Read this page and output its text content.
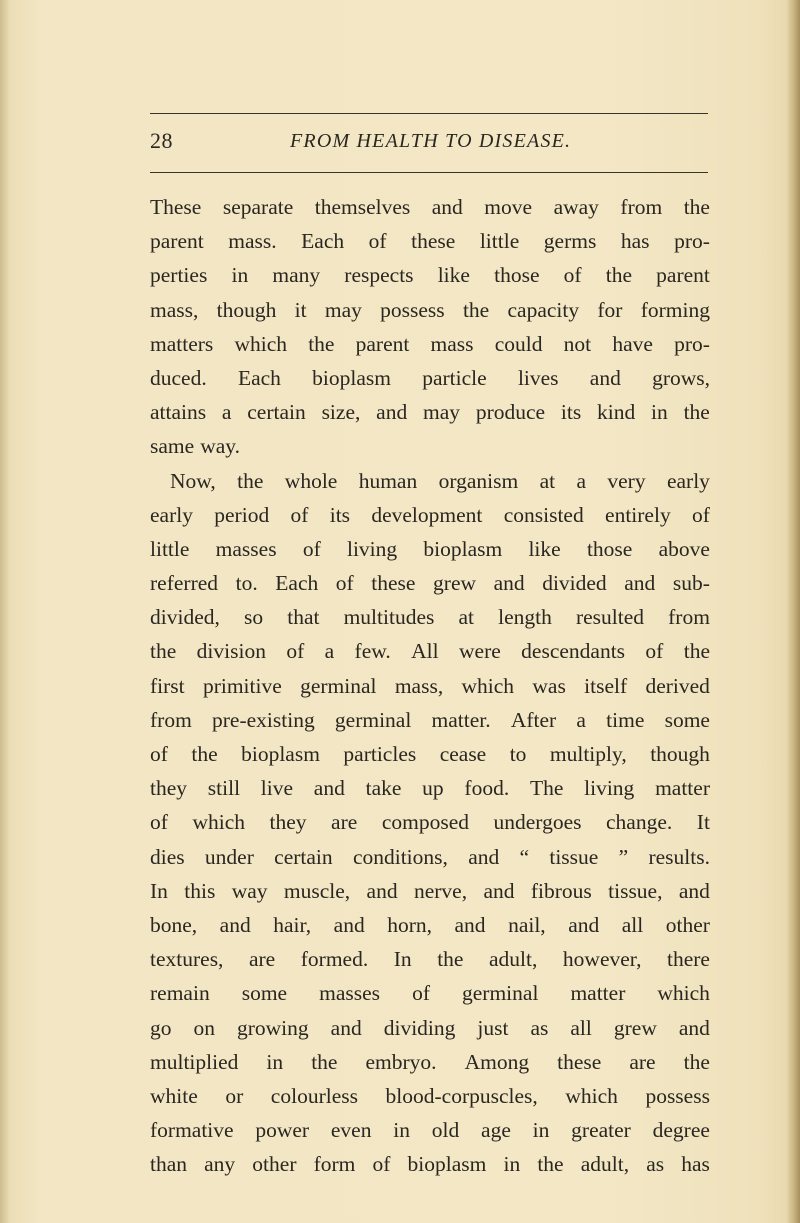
28	FROM HEALTH TO DISEASE.
These separate themselves and move away from the
parent mass. Each of these little germs has pro-
perties in many respects like those of the parent
mass, though it may possess the capacity for forming
matters which the parent mass could not have pro-
duced. Each bioplasm particle lives and grows,
attains a certain size, and may produce its kind in the
same way.
Now, the whole human organism at a very early
early period of its development consisted entirely of
little masses of living bioplasm like those above
referred to. Each of these grew and divided and sub-
divided, so that multitudes at length resulted from
the division of a few. All were descendants of the
first primitive germinal mass, which was itself derived
from pre-existing germinal matter. After a time some
of the bioplasm particles cease to multiply, though
they still live and take up food. The living matter
of which they are composed undergoes change. It
dies under certain conditions, and “ tissue ” results.
In this way muscle, and nerve, and fibrous tissue, and
bone, and hair, and horn, and nail, and all other
textures, are formed. In the adult, however, there
remain some masses of germinal matter which
go on growing and dividing just as all grew and
multiplied in the embryo. Among these are the
white or colourless blood-corpuscles, which possess
formative power even in old age in greater degree
than any other form of bioplasm in the adult, as has
